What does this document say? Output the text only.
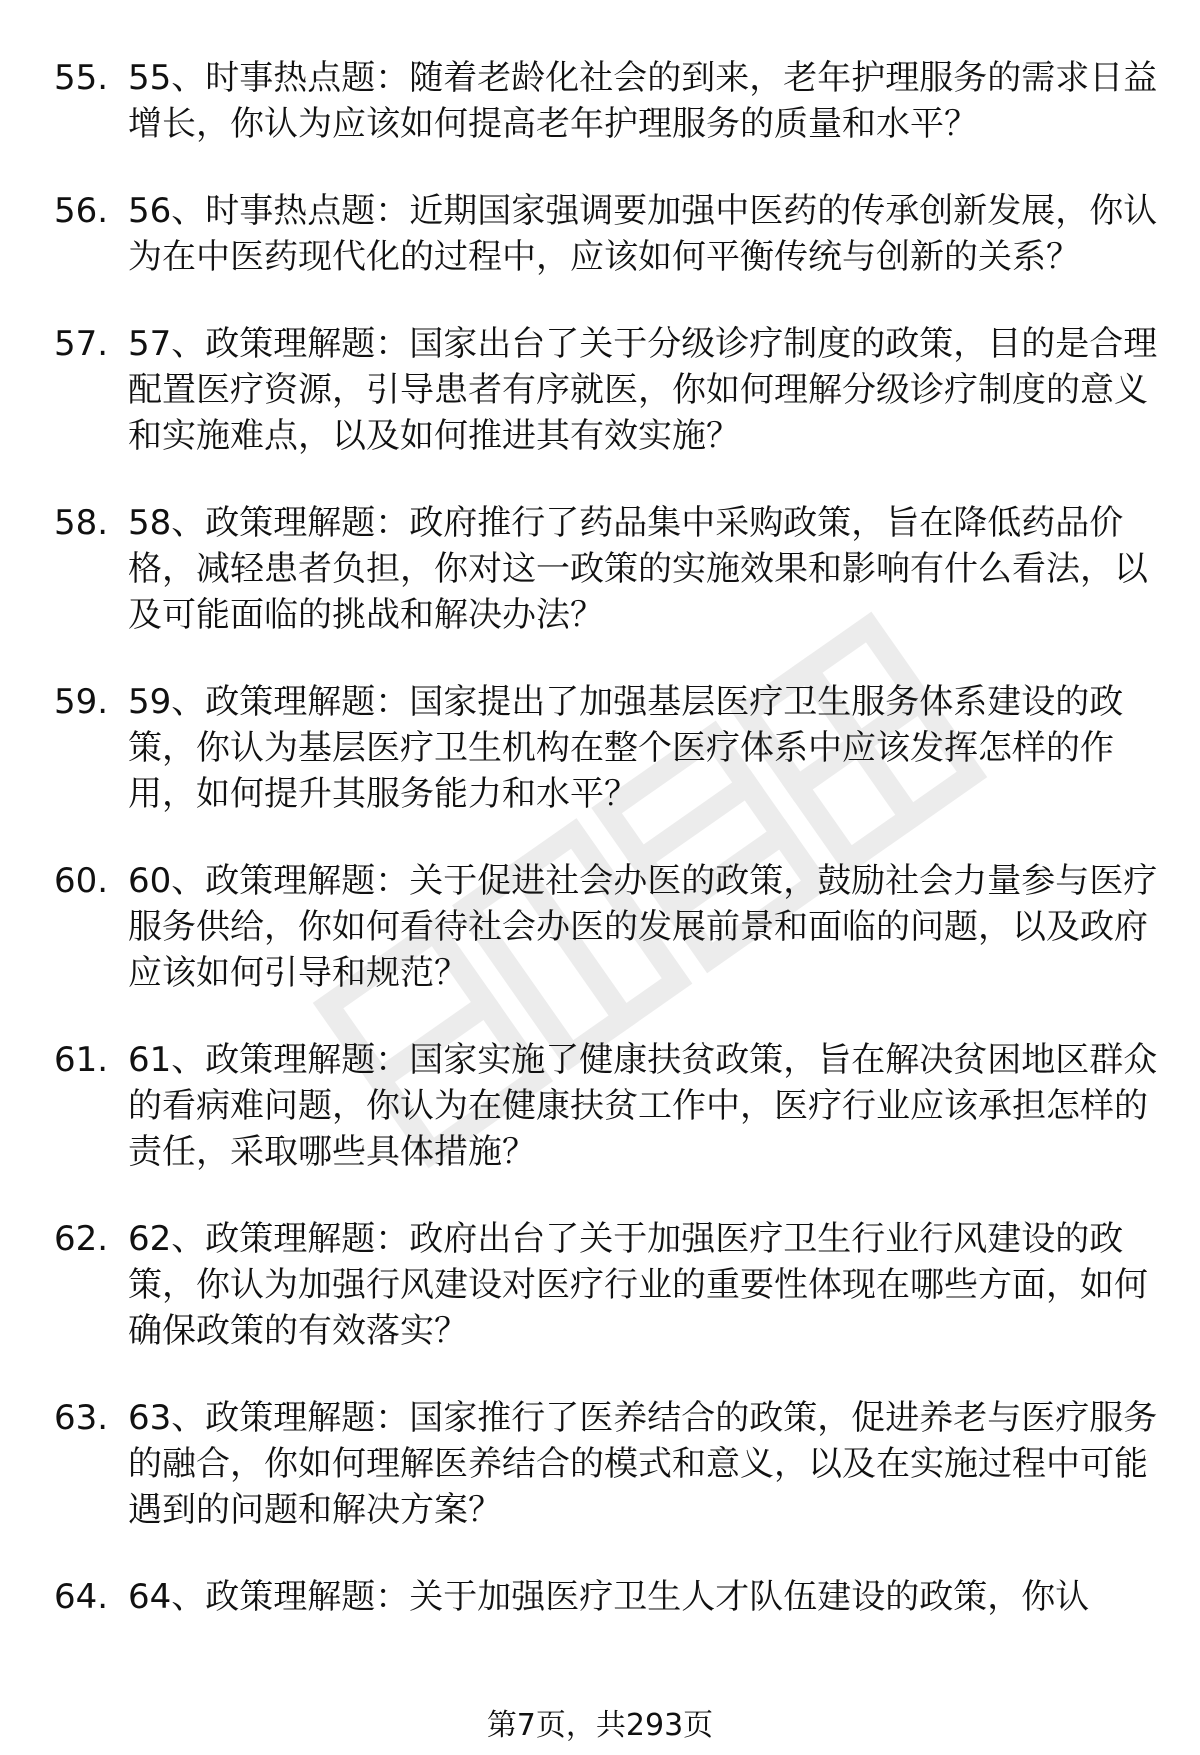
55. 55、时事热点题：随着老龄化社会的到来，老年护理服务的需求日益增长，你认为应该如何提高老年护理服务的质量和水平？
56. 56、时事热点题：近期国家强调要加强中医药的传承创新发展，你认为在中医药现代化的过程中，应该如何平衡传统与创新的关系？
57. 57、政策理解题：国家出台了关于分级诊疗制度的政策，目的是合理配置医疗资源，引导患者有序就医，你如何理解分级诊疗制度的意义和实施难点，以及如何推进其有效实施？
58. 58、政策理解题：政府推行了药品集中采购政策，旨在降低药品价格，减轻患者负担，你对这一政策的实施效果和影响有什么看法，以及可能面临的挑战和解决办法？
59. 59、政策理解题：国家提出了加强基层医疗卫生服务体系建设的政策，你认为基层医疗卫生机构在整个医疗体系中应该发挥怎样的作用，如何提升其服务能力和水平？
60. 60、政策理解题：关于促进社会办医的政策，鼓励社会力量参与医疗服务供给，你如何看待社会办医的发展前景和面临的问题，以及政府应该如何引导和规范？
61. 61、政策理解题：国家实施了健康扶贫政策，旨在解决贫困地区群众的看病难问题，你认为在健康扶贫工作中，医疗行业应该承担怎样的责任，采取哪些具体措施？
62. 62、政策理解题：政府出台了关于加强医疗卫生行业行风建设的政策，你认为加强行风建设对医疗行业的重要性体现在哪些方面，如何确保政策的有效落实？
63. 63、政策理解题：国家推行了医养结合的政策，促进养老与医疗服务的融合，你如何理解医养结合的模式和意义，以及在实施过程中可能遇到的问题和解决方案？
64. 64、政策理解题：关于加强医疗卫生人才队伍建设的政策，你认
第7页，共293页
